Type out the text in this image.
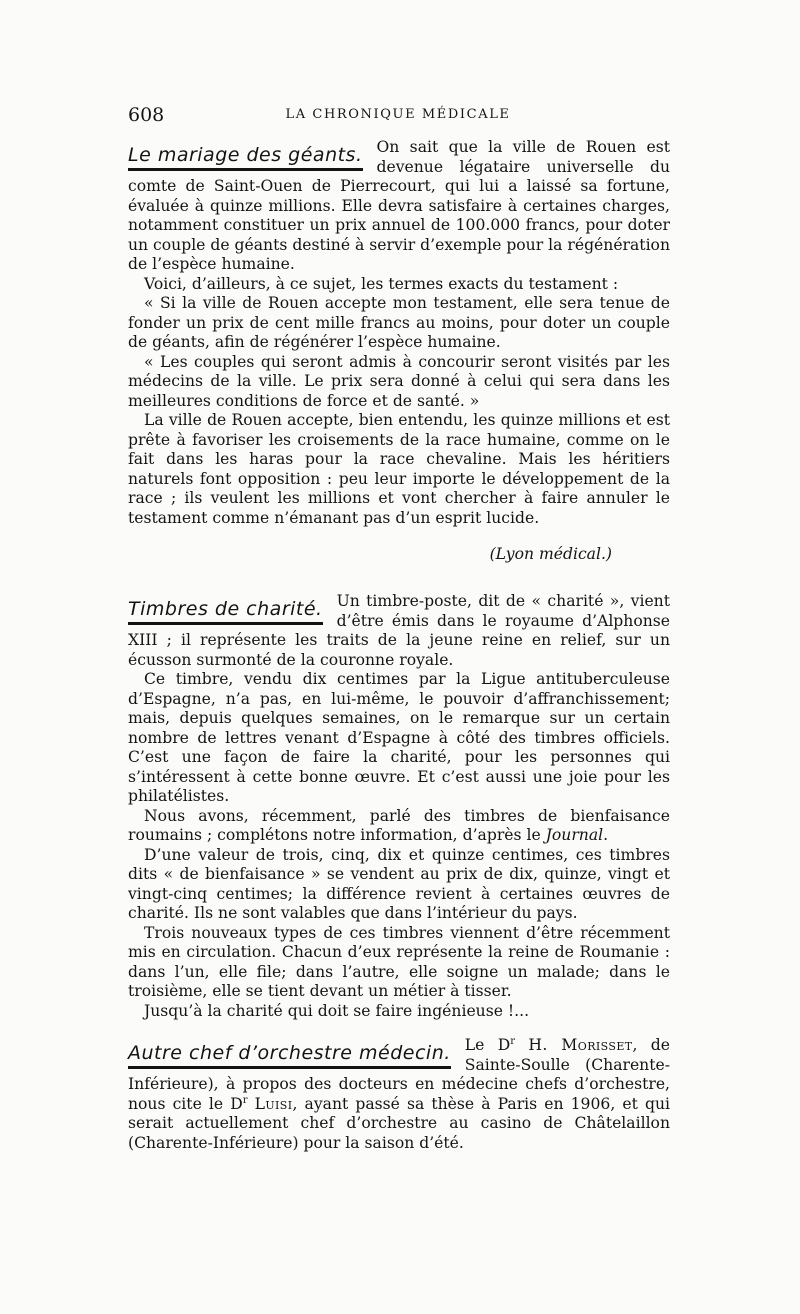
608	LA CHRONIQUE MÉDICALE
Le mariage des géants. On sait que la ville de Rouen est devenue légataire universelle du comte de Saint-Ouen de Pierrecourt, qui lui a laissé sa fortune, évaluée à quinze millions. Elle devra satisfaire à certaines charges, notamment constituer un prix annuel de 100.000 francs, pour doter un couple de géants destiné à servir d’exemple pour la régénération de l’espèce humaine.

Voici, d’ailleurs, à ce sujet, les termes exacts du testament :

« Si la ville de Rouen accepte mon testament, elle sera tenue de fonder un prix de cent mille francs au moins, pour doter un couple de géants, afin de régénérer l’espèce humaine.

« Les couples qui seront admis à concourir seront visités par les médecins de la ville. Le prix sera donné à celui qui sera dans les meilleures conditions de force et de santé. »

La ville de Rouen accepte, bien entendu, les quinze millions et est prête à favoriser les croisements de la race humaine, comme on le fait dans les haras pour la race chevaline. Mais les héritiers naturels font opposition : peu leur importe le développement de la race ; ils veulent les millions et vont chercher à faire annuler le testament comme n’émanant pas d’un esprit lucide.

(Lyon médical.)
Timbres de charité. Un timbre-poste, dit de « charité », vient d’être émis dans le royaume d’Alphonse XIII ; il représente les traits de la jeune reine en relief, sur un écusson surmonté de la couronne royale.

Ce timbre, vendu dix centimes par la Ligue antituberculeuse d’Espagne, n’a pas, en lui-même, le pouvoir d’affranchissement; mais, depuis quelques semaines, on le remarque sur un certain nombre de lettres venant d’Espagne à côté des timbres officiels. C’est une façon de faire la charité, pour les personnes qui s’intéressent à cette bonne œuvre. Et c’est aussi une joie pour les philatélistes.

Nous avons, récemment, parlé des timbres de bienfaisance roumains ; complétons notre information, d’après le Journal.

D’une valeur de trois, cinq, dix et quinze centimes, ces timbres dits « de bienfaisance » se vendent au prix de dix, quinze, vingt et vingt-cinq centimes; la différence revient à certaines œuvres de charité. Ils ne sont valables que dans l’intérieur du pays.

Trois nouveaux types de ces timbres viennent d’être récemment mis en circulation. Chacun d’eux représente la reine de Roumanie : dans l’un, elle file; dans l’autre, elle soigne un malade; dans le troisième, elle se tient devant un métier à tisser.

Jusqu’à la charité qui doit se faire ingénieuse !...

Autre chef d’orchestre médecin. Le $D^r$ H. Morisset, de Sainte-Soulle (Charente-Inférieure), à propos des docteurs en médecine chefs d’orchestre, nous cite le $D^r$ Luisi, ayant passé sa thèse à Paris en 1906, et qui serait actuellement chef d’orchestre au casino de Châtelaillon (Charente-Inférieure) pour la saison d’été.
